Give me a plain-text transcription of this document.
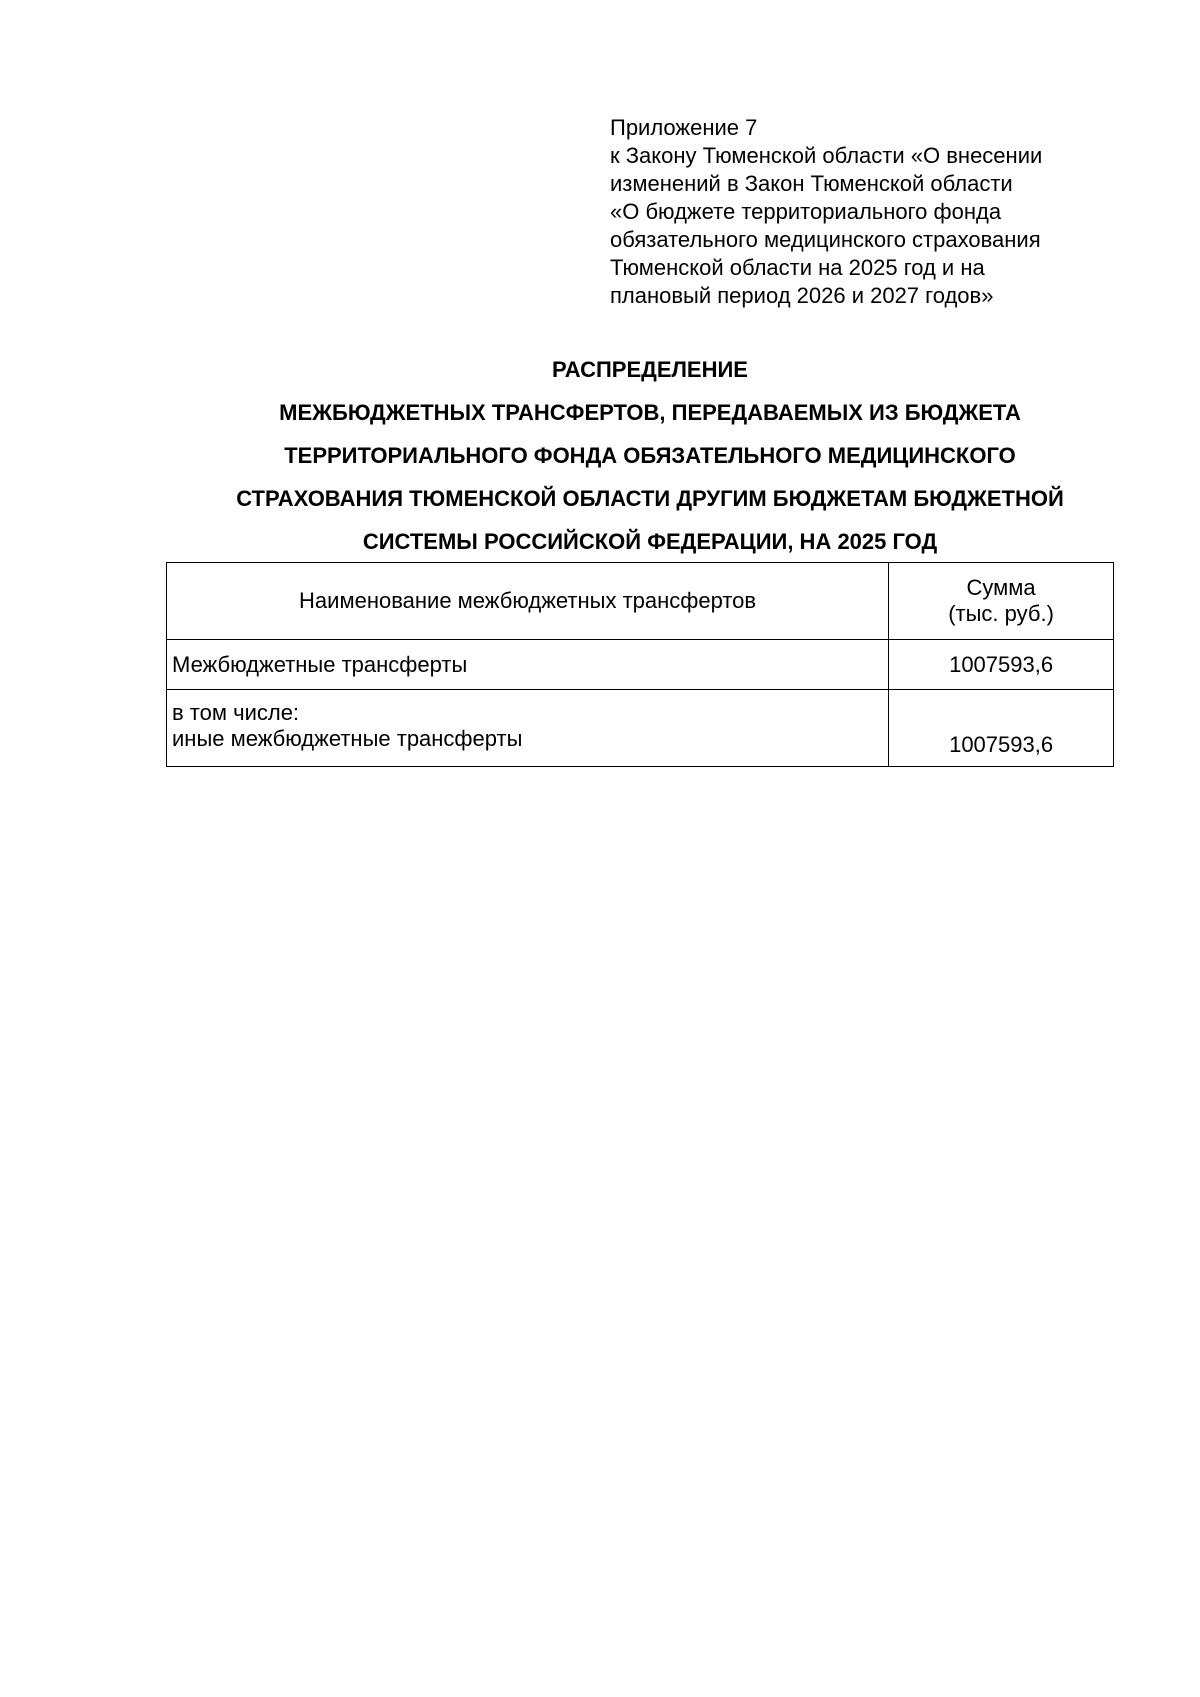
Приложение 7
к Закону Тюменской области «О внесении
изменений в Закон Тюменской области
«О бюджете территориального фонда
обязательного медицинского страхования
Тюменской области на 2025 год и на
плановый период 2026 и 2027 годов»
РАСПРЕДЕЛЕНИЕ
МЕЖБЮДЖЕТНЫХ ТРАНСФЕРТОВ, ПЕРЕДАВАЕМЫХ ИЗ БЮДЖЕТА
ТЕРРИТОРИАЛЬНОГО ФОНДА ОБЯЗАТЕЛЬНОГО МЕДИЦИНСКОГО
СТРАХОВАНИЯ ТЮМЕНСКОЙ ОБЛАСТИ ДРУГИМ БЮДЖЕТАМ БЮДЖЕТНОЙ
СИСТЕМЫ РОССИЙСКОЙ ФЕДЕРАЦИИ, НА 2025 ГОД
Наименование межбюджетных трансфертов	Сумма
(тыс. руб.)

Межбюджетные трансферты	1007593,6

в том числе:
иные межбюджетные трансферты	1007593,6
